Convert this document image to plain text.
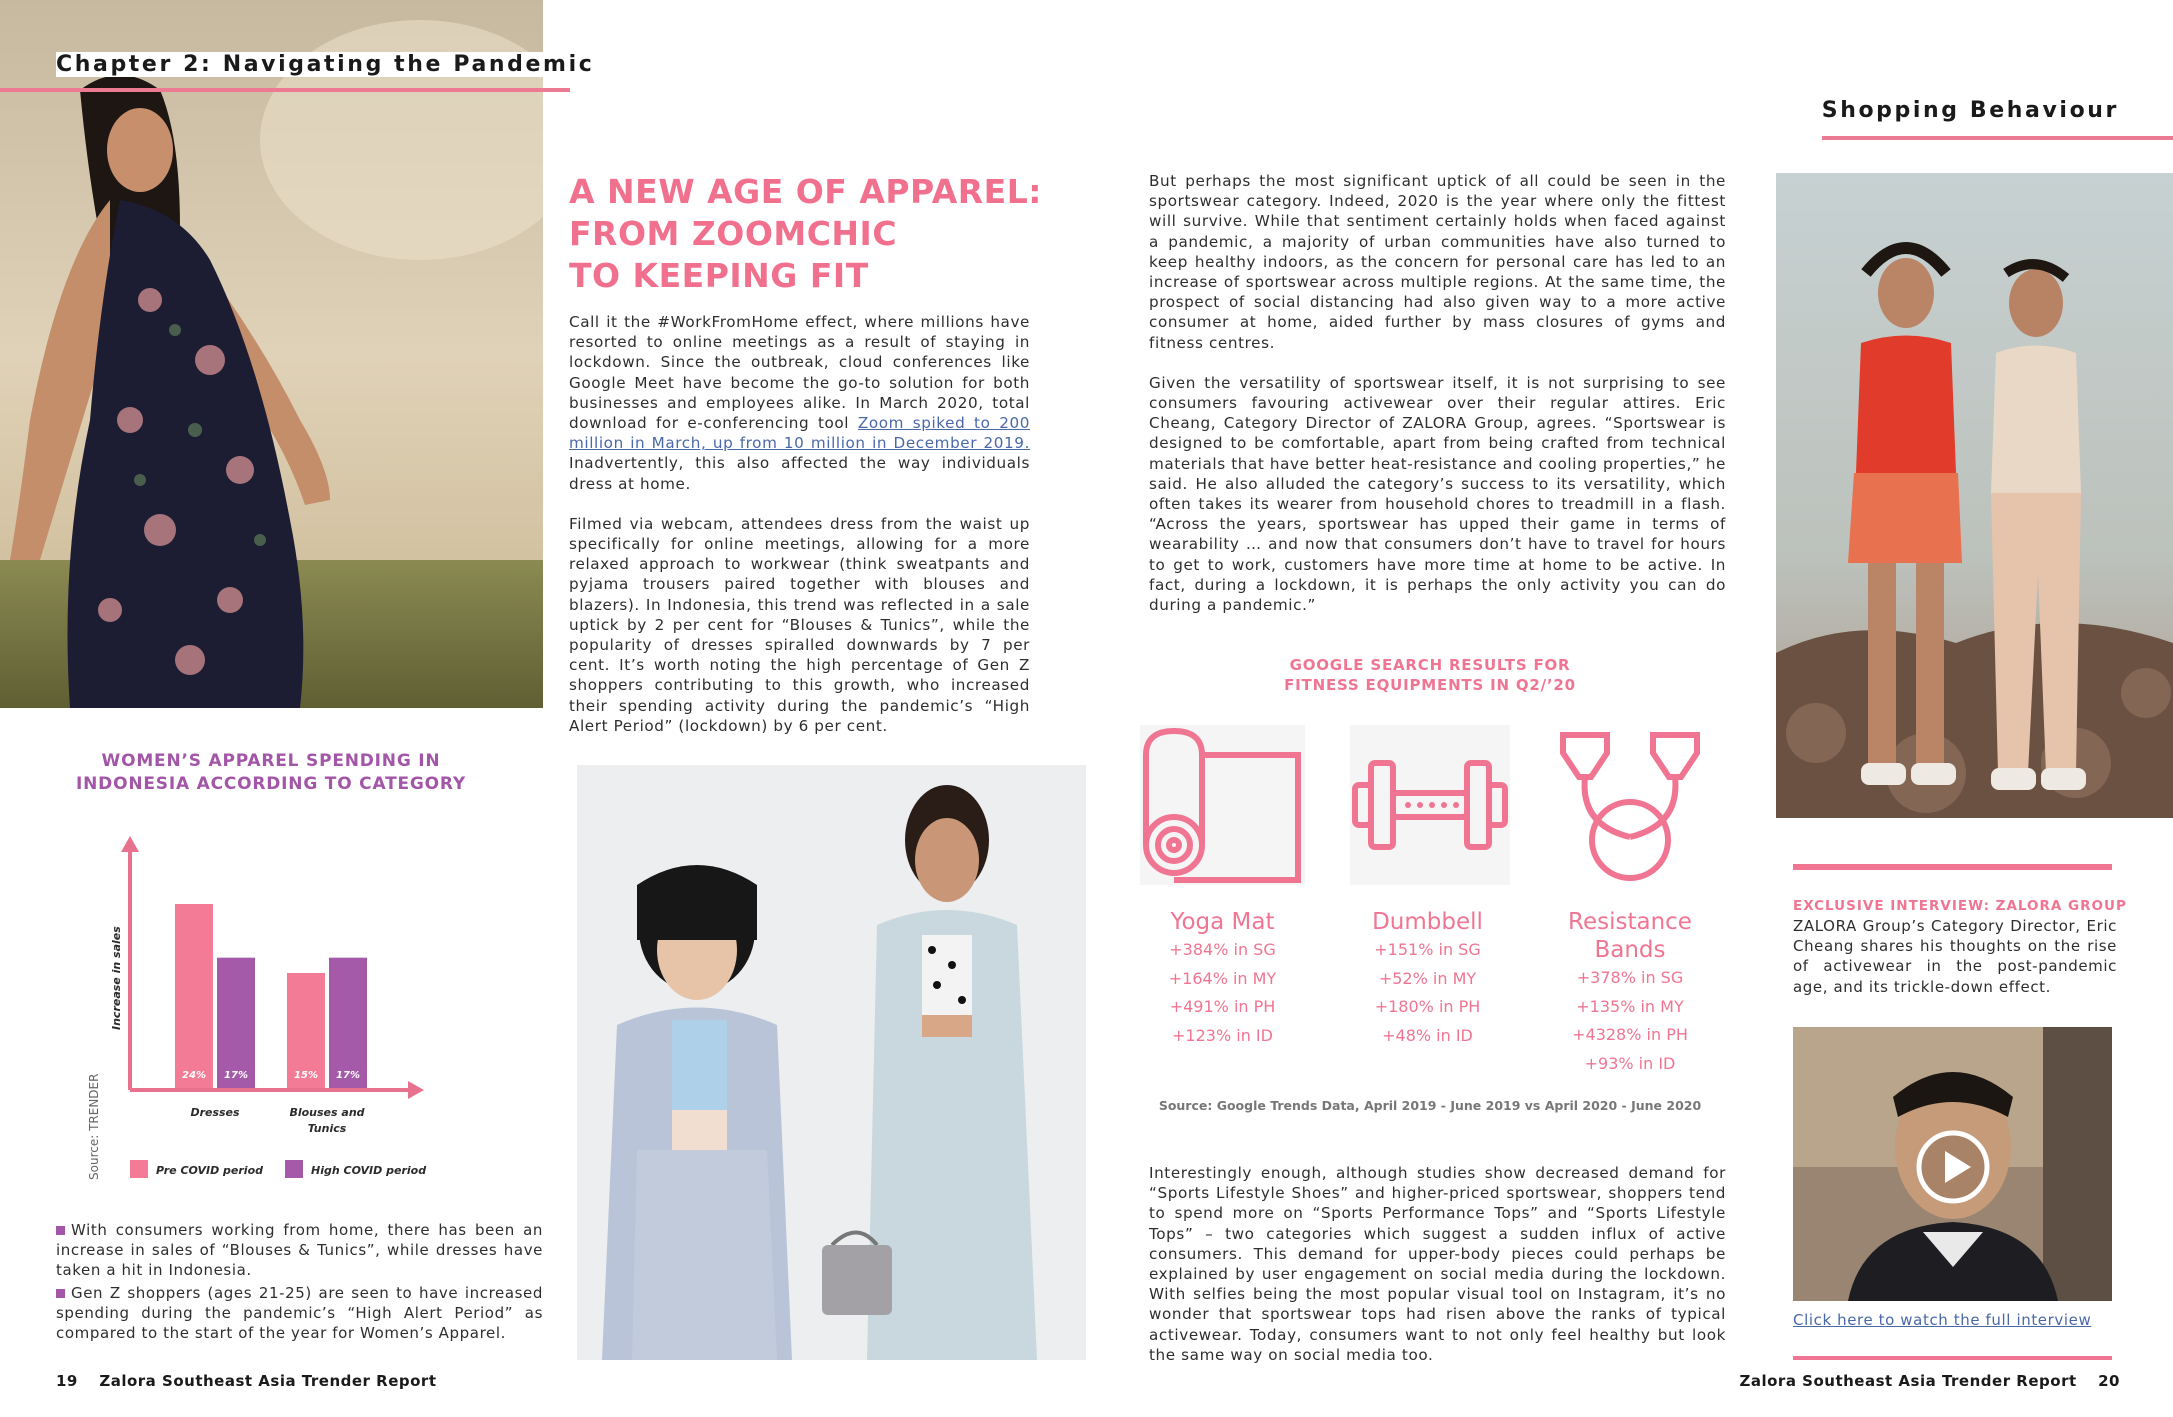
Chapter 2: Navigating the Pandemic
A NEW AGE OF APPAREL:
FROM ZOOMCHIC
TO KEEPING FIT

Call it the #WorkFromHome effect, where millions have resorted to online meetings as a result of staying in lockdown. Since the outbreak, cloud conferences like Google Meet have become the go-to solution for both businesses and employees alike. In March 2020, total download for e-conferencing tool Zoom spiked to 200 million in March, up from 10 million in December 2019. Inadvertently, this also affected the way individuals dress at home.

Filmed via webcam, attendees dress from the waist up specifically for online meetings, allowing for a more relaxed approach to workwear (think sweatpants and pyjama trousers paired together with blouses and blazers). In Indonesia, this trend was reflected in a sale uptick by 2 per cent for “Blouses & Tunics”, while the popularity of dresses spiralled downwards by 7 per cent. It’s worth noting the high percentage of Gen Z shoppers contributing to this growth, who increased their spending activity during the pandemic’s “High Alert Period” (lockdown) by 6 per cent.

WOMEN’S APPAREL SPENDING IN INDONESIA ACCORDING TO CATEGORY
Increase in sales
Source: TRENDER	24% 17%
Dresses
15% 17%
Blouses and
Tunics
Pre COVID period	High COVID period
With consumers working from home, there has been an increase in sales of “Blouses & Tunics”, while dresses have taken a hit in Indonesia.
Gen Z shoppers (ages 21-25) are seen to have increased spending during the pandemic’s “High Alert Period” as compared to the start of the year for Women’s Apparel.
19 Zalora Southeast Asia Trender Report
Shopping Behaviour

But perhaps the most significant uptick of all could be seen in the sportswear category. Indeed, 2020 is the year where only the fittest will survive. While that sentiment certainly holds when faced against a pandemic, a majority of urban communities have also turned to keep healthy indoors, as the concern for personal care has led to an increase of sportswear across multiple regions. At the same time, the prospect of social distancing had also given way to a more active consumer at home, aided further by mass closures of gyms and fitness centres.

Given the versatility of sportswear itself, it is not surprising to see consumers favouring activewear over their regular attires. Eric Cheang, Category Director of ZALORA Group, agrees. “Sportswear is designed to be comfortable, apart from being crafted from technical materials that have better heat-resistance and cooling properties,” he said. He also alluded the category’s success to its versatility, which often takes its wearer from household chores to treadmill in a flash. “Across the years, sportswear has upped their game in terms of wearability … and now that consumers don’t have to travel for hours to get to work, customers have more time at home to be active. In fact, during a lockdown, it is perhaps the only activity you can do during a pandemic.”

GOOGLE SEARCH RESULTS FOR
FITNESS EQUIPMENTS IN Q2/’20
Yoga Mat
+384% in SG
+164% in MY
+491% in PH
+123% in ID
Dumbbell
+151% in SG
+52% in MY
+180% in PH
+48% in ID
Resistance Bands
+378% in SG
+135% in MY
+4328% in PH
+93% in ID
Source: Google Trends Data, April 2019 - June 2019 vs April 2020 - June 2020

Interestingly enough, although studies show decreased demand for “Sports Lifestyle Shoes” and higher-priced sportswear, shoppers tend to spend more on “Sports Performance Tops” and “Sports Lifestyle Tops” – two categories which suggest a sudden influx of active consumers. This demand for upper-body pieces could perhaps be explained by user engagement on social media during the lockdown. With selfies being the most popular visual tool on Instagram, it’s no wonder that sportswear tops had risen above the ranks of typical activewear. Today, consumers want to not only feel healthy but look the same way on social media too.

EXCLUSIVE INTERVIEW: ZALORA GROUP
ZALORA Group’s Category Director, Eric Cheang shares his thoughts on the rise of activewear in the post-pandemic age, and its trickle-down effect.
Click here to watch the full interview
Zalora Southeast Asia Trender Report 20
